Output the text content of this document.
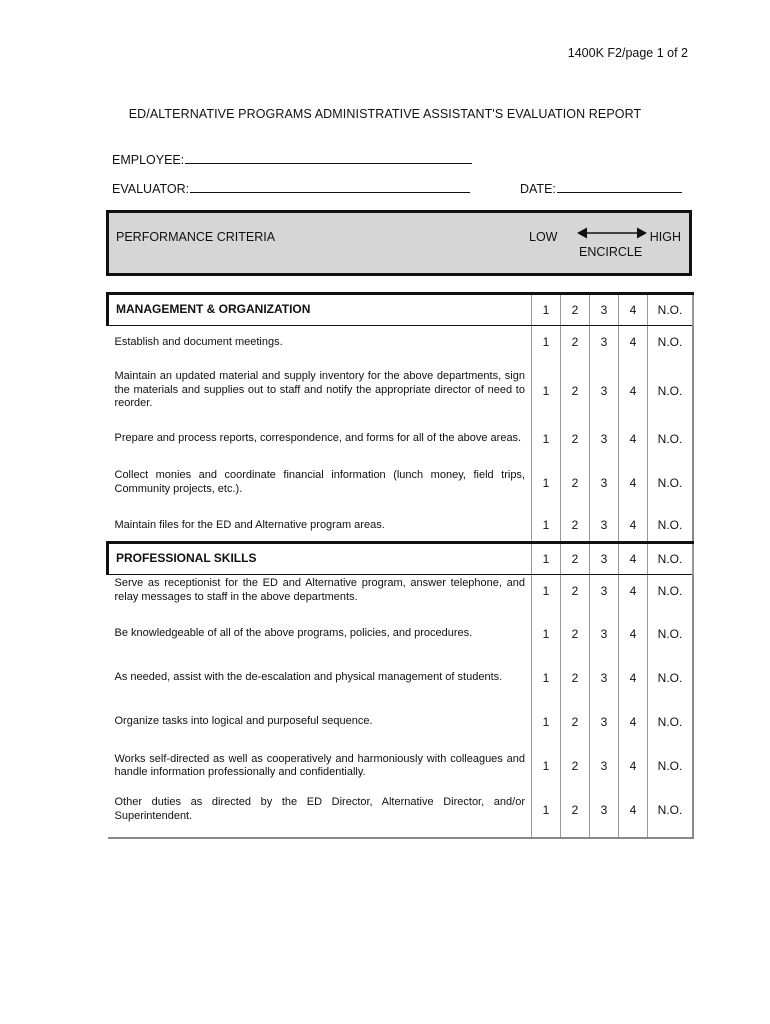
1400K F2/page 1 of 2
ED/ALTERNATIVE PROGRAMS ADMINISTRATIVE ASSISTANT'S EVALUATION REPORT
EMPLOYEE:
EVALUATOR:	DATE:
PERFORMANCE CRITERIA	LOW	HIGH
ENCIRCLE
MANAGEMENT & ORGANIZATION	1	2	3	4	N.O.
Establish and document meetings.	1	2	3	4	N.O.
Maintain an updated material and supply inventory for the above departments, sign the materials and supplies out to staff and notify the appropriate director of need to reorder.	1	2	3	4	N.O.
Prepare and process reports, correspondence, and forms for all of the above areas.	1	2	3	4	N.O.
Collect monies and coordinate financial information (lunch money, field trips, Community projects, etc.).	1	2	3	4	N.O.
Maintain files for the ED and Alternative program areas.	1	2	3	4	N.O.
PROFESSIONAL SKILLS	1	2	3	4	N.O.
Serve as receptionist for the ED and Alternative program, answer telephone, and relay messages to staff in the above departments.	1	2	3	4	N.O.
Be knowledgeable of all of the above programs, policies, and procedures.	1	2	3	4	N.O.
As needed, assist with the de-escalation and physical management of students.	1	2	3	4	N.O.
Organize tasks into logical and purposeful sequence.	1	2	3	4	N.O.
Works self-directed as well as cooperatively and harmoniously with colleagues and handle information professionally and confidentially.	1	2	3	4	N.O.
Other duties as directed by the ED Director, Alternative Director, and/or Superintendent.	1	2	3	4	N.O.
